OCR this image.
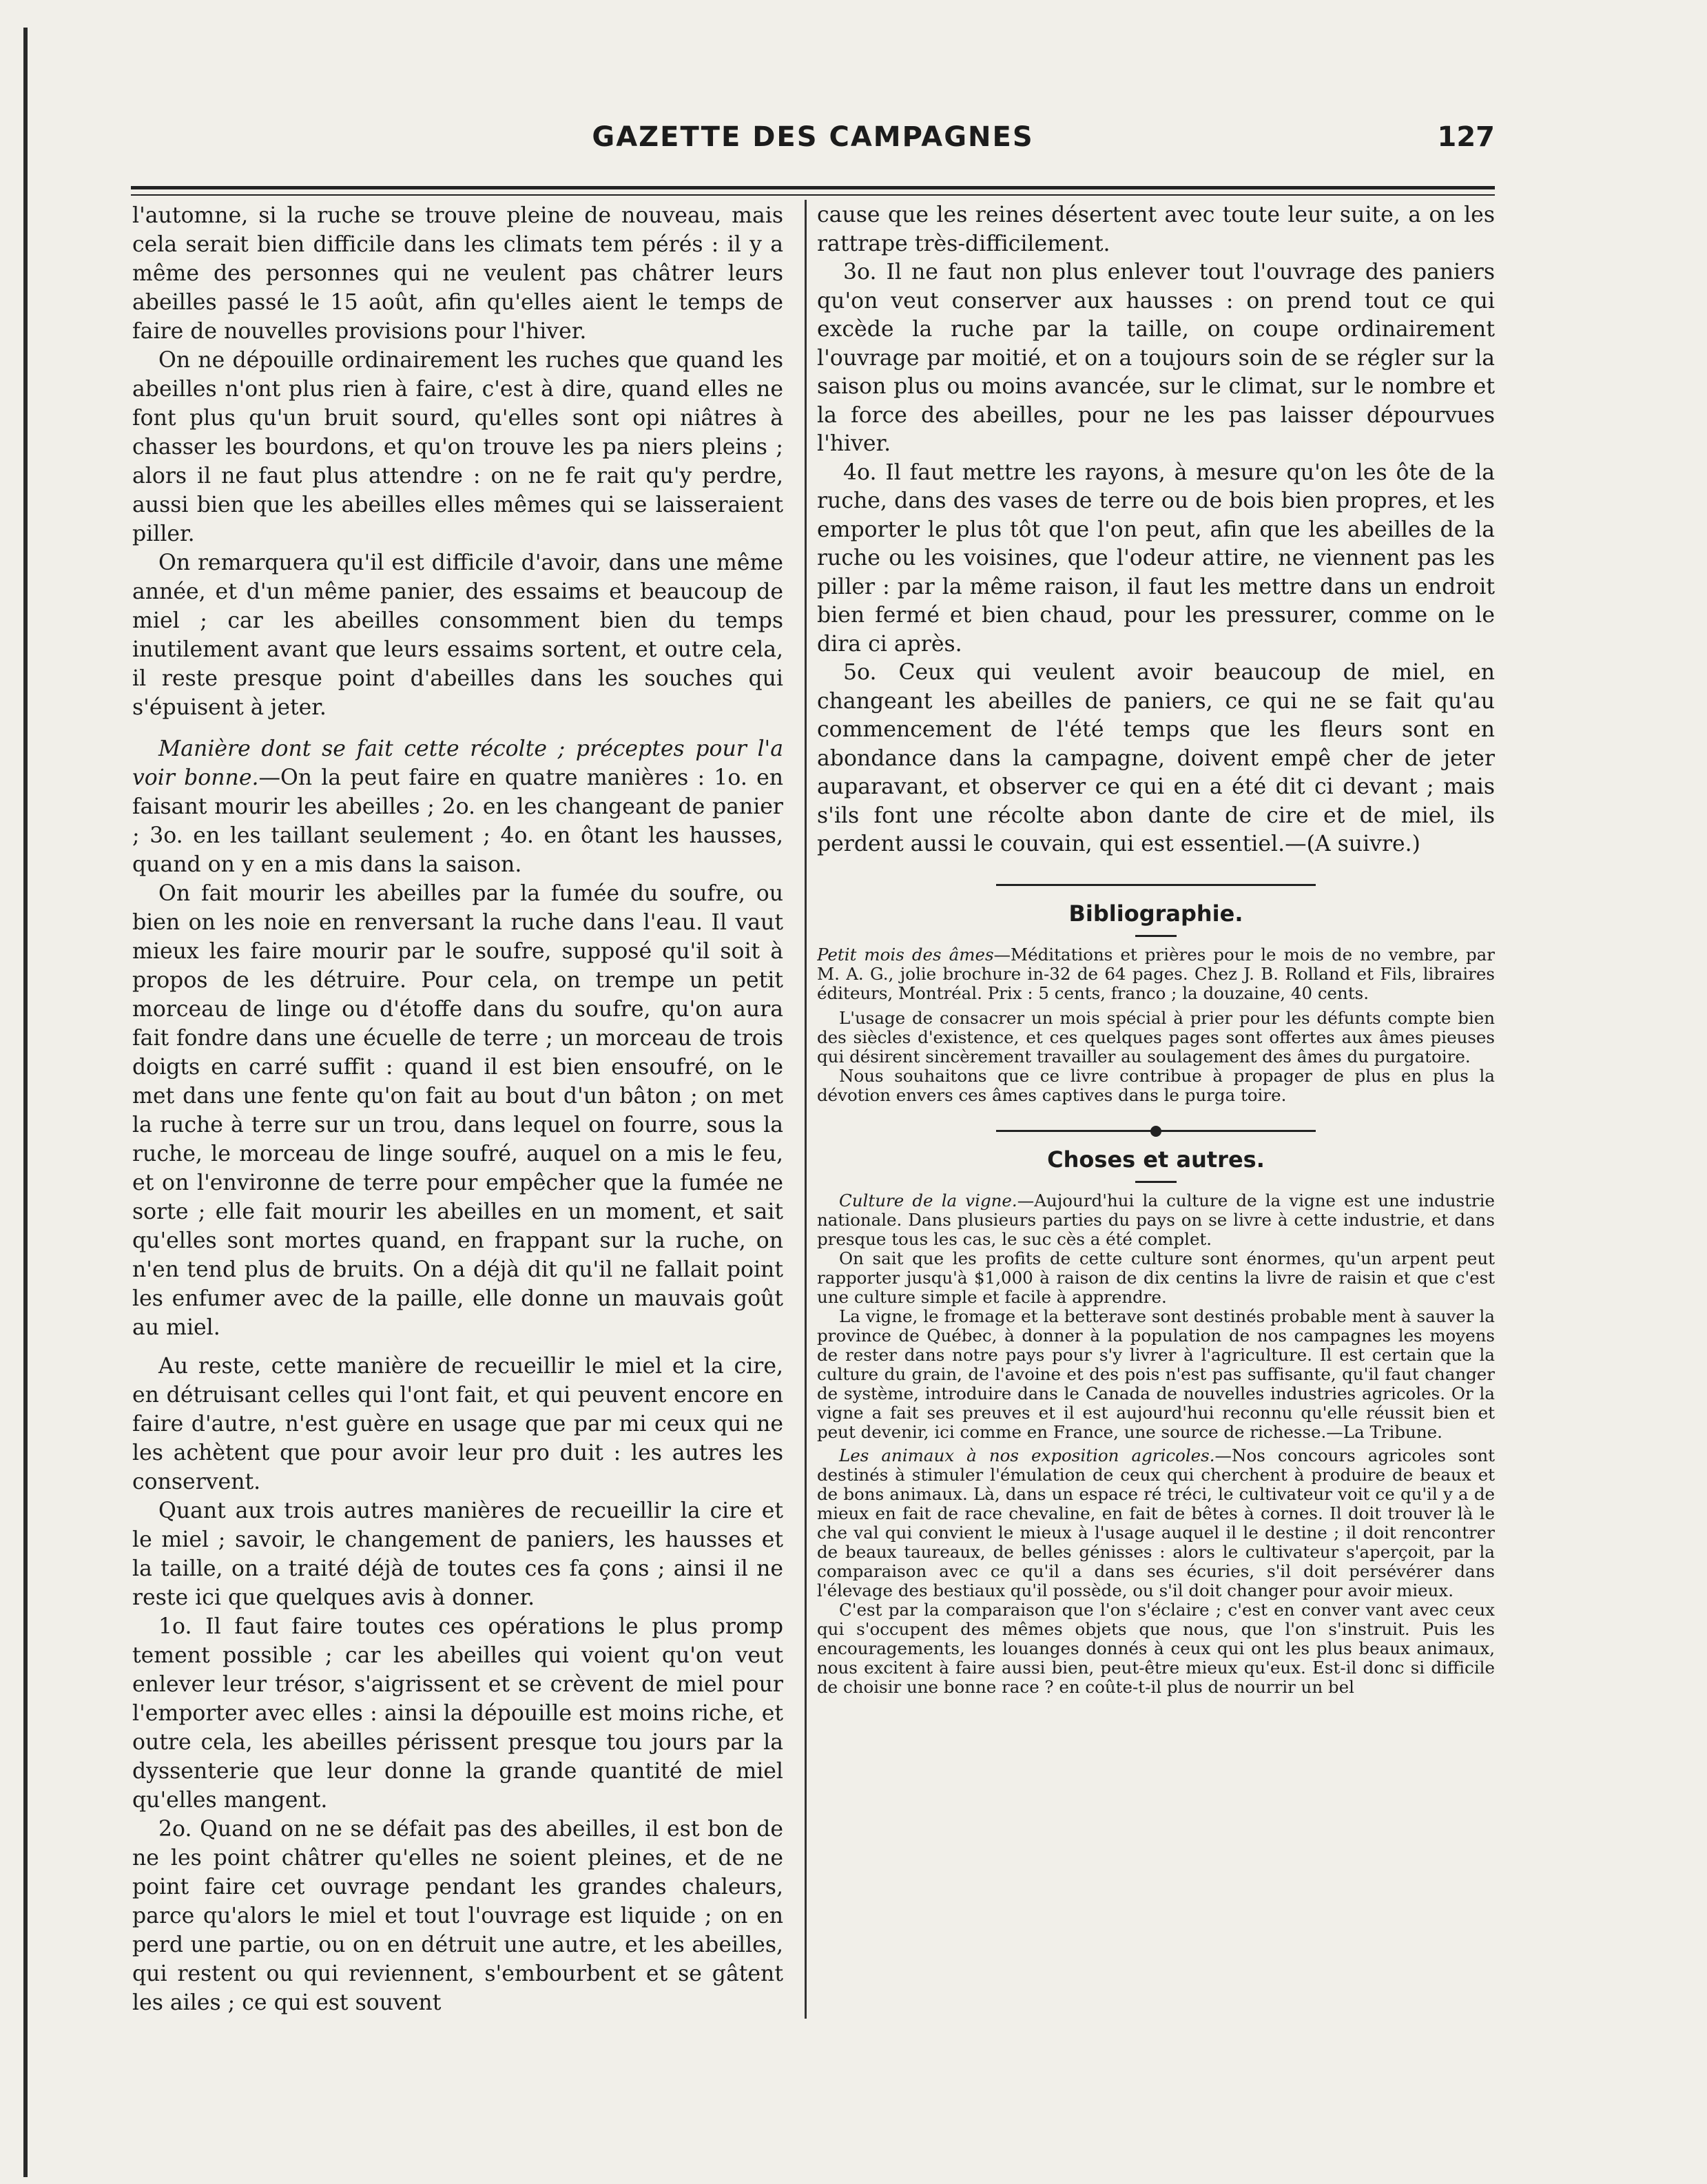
GAZETTE DES CAMPAGNES	127

l'automne, si la ruche se trouve pleine de nouveau, mais cela serait bien difficile dans les climats tem pérés : il y a même des personnes qui ne veulent pas châtrer leurs abeilles passé le 15 août, afin qu'elles aient le temps de faire de nouvelles provisions pour l'hiver.

On ne dépouille ordinairement les ruches que quand les abeilles n'ont plus rien à faire, c'est à dire, quand elles ne font plus qu'un bruit sourd, qu'elles sont opi niâtres à chasser les bourdons, et qu'on trouve les pa niers pleins ; alors il ne faut plus attendre : on ne fe rait qu'y perdre, aussi bien que les abeilles elles mêmes qui se laisseraient piller.

On remarquera qu'il est difficile d'avoir, dans une même année, et d'un même panier, des essaims et beaucoup de miel ; car les abeilles consomment bien du temps inutilement avant que leurs essaims sortent, et outre cela, il reste presque point d'abeilles dans les souches qui s'épuisent à jeter.

Manière dont se fait cette récolte ; préceptes pour l'a voir bonne.—On la peut faire en quatre manières : 1o. en faisant mourir les abeilles ; 2o. en les changeant de panier ; 3o. en les taillant seulement ; 4o. en ôtant les hausses, quand on y en a mis dans la saison.

On fait mourir les abeilles par la fumée du soufre, ou bien on les noie en renversant la ruche dans l'eau. Il vaut mieux les faire mourir par le soufre, supposé qu'il soit à propos de les détruire. Pour cela, on trempe un petit morceau de linge ou d'étoffe dans du soufre, qu'on aura fait fondre dans une écuelle de terre ; un morceau de trois doigts en carré suffit : quand il est bien ensoufré, on le met dans une fente qu'on fait au bout d'un bâton ; on met la ruche à terre sur un trou, dans lequel on fourre, sous la ruche, le morceau de linge soufré, auquel on a mis le feu, et on l'environne de terre pour empêcher que la fumée ne sorte ; elle fait mourir les abeilles en un moment, et sait qu'elles sont mortes quand, en frappant sur la ruche, on n'en tend plus de bruits. On a déjà dit qu'il ne fallait point les enfumer avec de la paille, elle donne un mauvais goût au miel.

Au reste, cette manière de recueillir le miel et la cire, en détruisant celles qui l'ont fait, et qui peuvent encore en faire d'autre, n'est guère en usage que par mi ceux qui ne les achètent que pour avoir leur pro duit : les autres les conservent.

Quant aux trois autres manières de recueillir la cire et le miel ; savoir, le changement de paniers, les hausses et la taille, on a traité déjà de toutes ces fa çons ; ainsi il ne reste ici que quelques avis à donner.

1o. Il faut faire toutes ces opérations le plus promp tement possible ; car les abeilles qui voient qu'on veut enlever leur trésor, s'aigrissent et se crèvent de miel pour l'emporter avec elles : ainsi la dépouille est moins riche, et outre cela, les abeilles périssent presque tou jours par la dyssenterie que leur donne la grande quantité de miel qu'elles mangent.

2o. Quand on ne se défait pas des abeilles, il est bon de ne les point châtrer qu'elles ne soient pleines, et de ne point faire cet ouvrage pendant les grandes chaleurs, parce qu'alors le miel et tout l'ouvrage est liquide ; on en perd une partie, ou on en détruit une autre, et les abeilles, qui restent ou qui reviennent, s'embourbent et se gâtent les ailes ; ce qui est souvent

cause que les reines désertent avec toute leur suite, a on les rattrape très-difficilement.

3o. Il ne faut non plus enlever tout l'ouvrage des paniers qu'on veut conserver aux hausses : on prend tout ce qui excède la ruche par la taille, on coupe ordinairement l'ouvrage par moitié, et on a toujours soin de se régler sur la saison plus ou moins avancée, sur le climat, sur le nombre et la force des abeilles, pour ne les pas laisser dépourvues l'hiver.

4o. Il faut mettre les rayons, à mesure qu'on les ôte de la ruche, dans des vases de terre ou de bois bien propres, et les emporter le plus tôt que l'on peut, afin que les abeilles de la ruche ou les voisines, que l'odeur attire, ne viennent pas les piller : par la même raison, il faut les mettre dans un endroit bien fermé et bien chaud, pour les pressurer, comme on le dira ci après.

5o. Ceux qui veulent avoir beaucoup de miel, en changeant les abeilles de paniers, ce qui ne se fait qu'au commencement de l'été temps que les fleurs sont en abondance dans la campagne, doivent empê cher de jeter auparavant, et observer ce qui en a été dit ci devant ; mais s'ils font une récolte abon dante de cire et de miel, ils perdent aussi le couvain, qui est essentiel.—(A suivre.)

Bibliographie.

Petit mois des âmes—Méditations et prières pour le mois de no vembre, par M. A. G., jolie brochure in-32 de 64 pages. Chez J. B. Rolland et Fils, libraires éditeurs, Montréal. Prix : 5 cents, franco ; la douzaine, 40 cents.

L'usage de consacrer un mois spécial à prier pour les défunts compte bien des siècles d'existence, et ces quelques pages sont offertes aux âmes pieuses qui désirent sincèrement travailler au soulagement des âmes du purgatoire.

Nous souhaitons que ce livre contribue à propager de plus en plus la dévotion envers ces âmes captives dans le purga toire.

Choses et autres.

Culture de la vigne.—Aujourd'hui la culture de la vigne est une industrie nationale. Dans plusieurs parties du pays on se livre à cette industrie, et dans presque tous les cas, le suc cès a été complet.

On sait que les profits de cette culture sont énormes, qu'un arpent peut rapporter jusqu'à $1,000 à raison de dix centins la livre de raisin et que c'est une culture simple et facile à apprendre.

La vigne, le fromage et la betterave sont destinés probable ment à sauver la province de Québec, à donner à la population de nos campagnes les moyens de rester dans notre pays pour s'y livrer à l'agriculture. Il est certain que la culture du grain, de l'avoine et des pois n'est pas suffisante, qu'il faut changer de système, introduire dans le Canada de nouvelles industries agricoles. Or la vigne a fait ses preuves et il est aujourd'hui reconnu qu'elle réussit bien et peut devenir, ici comme en France, une source de richesse.—La Tribune.

Les animaux à nos exposition agricoles.—Nos concours agricoles sont destinés à stimuler l'émulation de ceux qui cherchent à produire de beaux et de bons animaux. Là, dans un espace ré tréci, le cultivateur voit ce qu'il y a de mieux en fait de race chevaline, en fait de bêtes à cornes. Il doit trouver là le che val qui convient le mieux à l'usage auquel il le destine ; il doit rencontrer de beaux taureaux, de belles génisses : alors le cultivateur s'aperçoit, par la comparaison avec ce qu'il a dans ses écuries, s'il doit persévérer dans l'élevage des bestiaux qu'il possède, ou s'il doit changer pour avoir mieux.

C'est par la comparaison que l'on s'éclaire ; c'est en conver vant avec ceux qui s'occupent des mêmes objets que nous, que l'on s'instruit. Puis les encouragements, les louanges donnés à ceux qui ont les plus beaux animaux, nous excitent à faire aussi bien, peut-être mieux qu'eux. Est-il donc si difficile de choisir une bonne race ? en coûte-t-il plus de nourrir un bel
